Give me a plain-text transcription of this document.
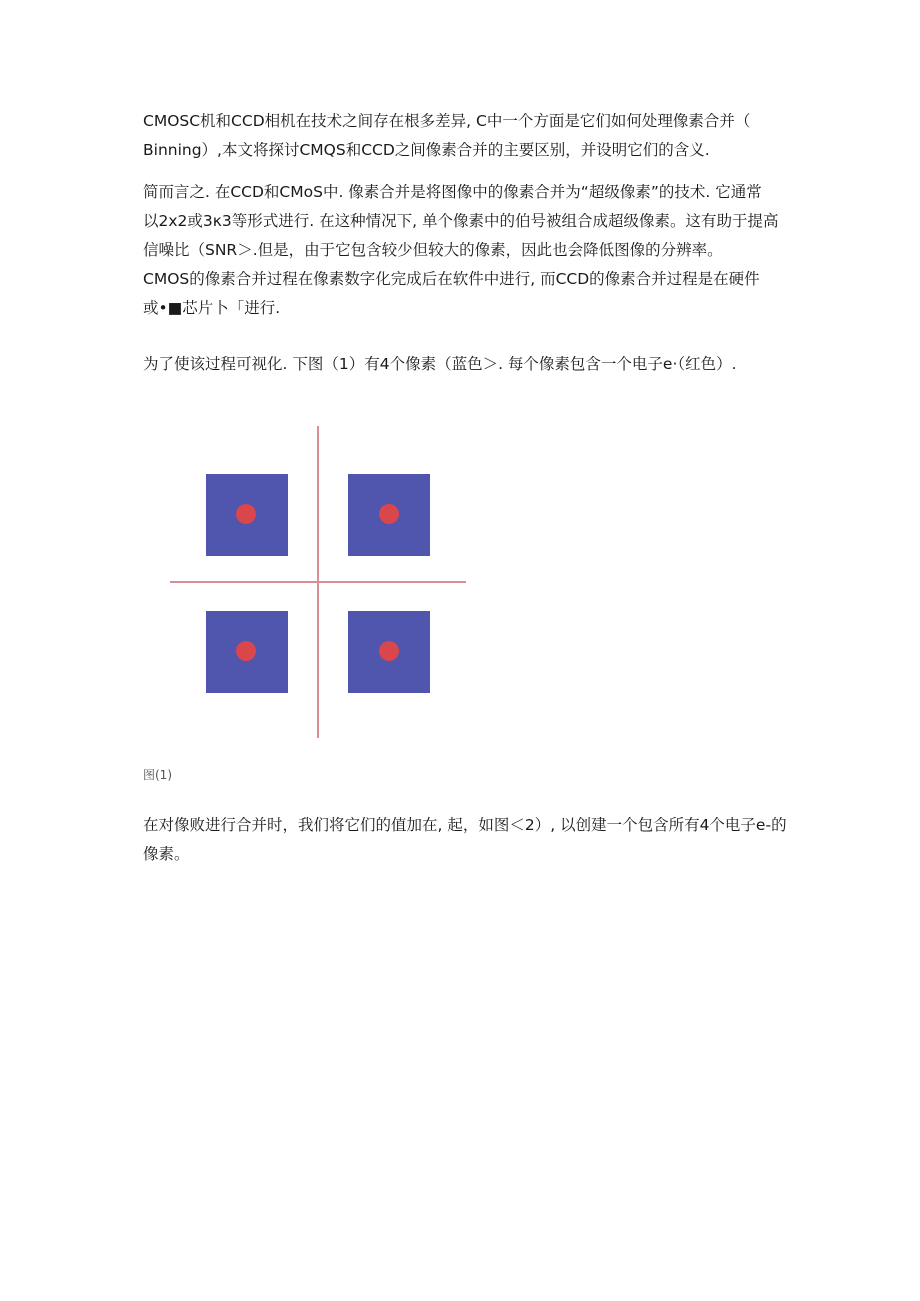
CMOSC机和CCD相机在技术之间存在根多差异, C中一个方面是它们如何处理像素合并（
Binning）,本文将探讨CMQS和CCD之间像素合并的主要区别，并设明它们的含义.

简而言之. 在CCD和CMoS中. 像素合并是将图像中的像素合并为“超级像素”的技术. 它通常
以2x2或3κ3等形式进行. 在这种情况下, 单个像素中的伯号被组合成超级像素。这有助于提高
信噪比（SNR＞.但是，由于它包含较少但较大的像素，因此也会降低图像的分辨率。
CMOS的像素合并过程在像素数字化完成后在软件中进行, 而CCD的像素合并过程是在硬件
或•■芯片卜「进行.

为了使该过程可视化. 下图（1）有4个像素（蓝色＞. 每个像素包含一个电子e·（红色）.

图(1)

在对像败进行合并时，我们将它们的值加在, 起，如图＜2）, 以创建一个包含所有4个电子e-的
像素。
